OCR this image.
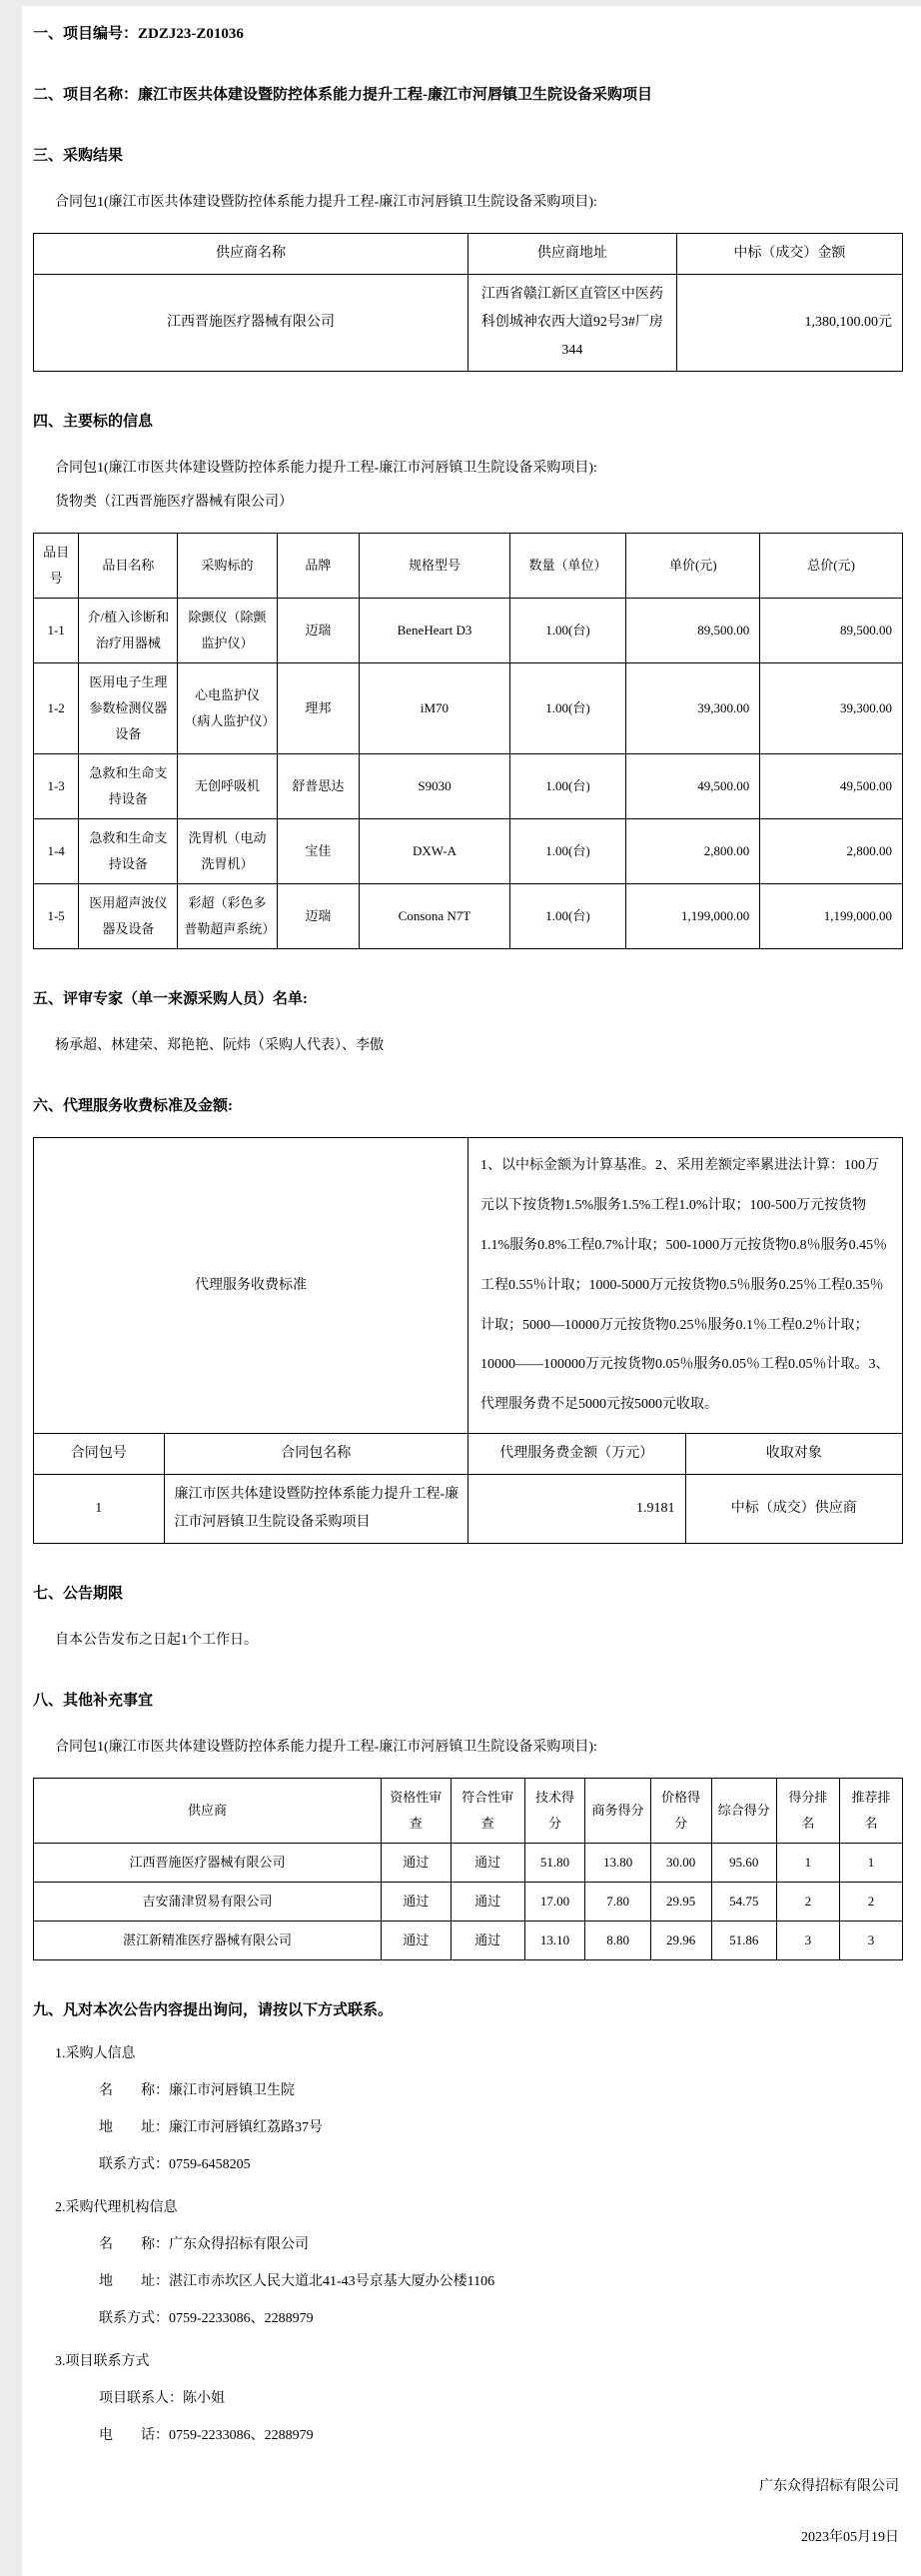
一、项目编号：ZDZJ23-Z01036
二、项目名称：廉江市医共体建设暨防控体系能力提升工程-廉江市河唇镇卫生院设备采购项目
三、采购结果
合同包1(廉江市医共体建设暨防控体系能力提升工程-廉江市河唇镇卫生院设备采购项目):
供应商名称	供应商地址	中标（成交）金额
江西晋施医疗器械有限公司	江西省赣江新区直管区中医药科创城神农西大道92号3#厂房344	1,380,100.00元
四、主要标的信息
合同包1(廉江市医共体建设暨防控体系能力提升工程-廉江市河唇镇卫生院设备采购项目):
货物类（江西晋施医疗器械有限公司）
品目号	品目名称	采购标的	品牌	规格型号	数量（单位）	单价(元)	总价(元)
1-1	介/植入诊断和治疗用器械	除颤仪（除颤监护仪）	迈瑞	BeneHeart D3	1.00(台)	89,500.00	89,500.00
1-2	医用电子生理参数检测仪器设备	心电监护仪（病人监护仪）	理邦	iM70	1.00(台)	39,300.00	39,300.00
1-3	急救和生命支持设备	无创呼吸机	舒普思达	S9030	1.00(台)	49,500.00	49,500.00
1-4	急救和生命支持设备	洗胃机（电动洗胃机）	宝佳	DXW-A	1.00(台)	2,800.00	2,800.00
1-5	医用超声波仪器及设备	彩超（彩色多普勒超声系统）	迈瑞	Consona N7T	1.00(台)	1,199,000.00	1,199,000.00
五、评审专家（单一来源采购人员）名单:
杨承超、林建荣、郑艳艳、阮炜（采购人代表）、李傲
六、代理服务收费标准及金额:
代理服务收费标准		1、以中标金额为计算基准。2、采用差额定率累进法计算：100万元以下按货物1.5%服务1.5%工程1.0%计取；100-500万元按货物1.1%服务0.8%工程0.7%计取；500-1000万元按货物0.8％服务0.45％工程0.55％计取；1000-5000万元按货物0.5％服务0.25％工程0.35％计取；5000—10000万元按货物0.25％服务0.1％工程0.2％计取；10000——100000万元按货物0.05％服务0.05％工程0.05％计取。3、代理服务费不足5000元按5000元收取。	
合同包号	合同包名称	代理服务费金额（万元）	收取对象
1	廉江市医共体建设暨防控体系能力提升工程-廉江市河唇镇卫生院设备采购项目	1.9181	中标（成交）供应商
七、公告期限
自本公告发布之日起1个工作日。
八、其他补充事宜
合同包1(廉江市医共体建设暨防控体系能力提升工程-廉江市河唇镇卫生院设备采购项目):
供应商	资格性审查	符合性审查	技术得分	商务得分	价格得分	综合得分	得分排名	推荐排名
江西晋施医疗器械有限公司	通过	通过	51.80	13.80	30.00	95.60	1	1
吉安蒲津贸易有限公司	通过	通过	17.00	7.80	29.95	54.75	2	2
湛江新精准医疗器械有限公司	通过	通过	13.10	8.80	29.96	51.86	3	3
九、凡对本次公告内容提出询问，请按以下方式联系。
1.采购人信息
名　　称：廉江市河唇镇卫生院
地　　址：廉江市河唇镇红荔路37号
联系方式：0759-6458205
2.采购代理机构信息
名　　称：广东众得招标有限公司
地　　址：湛江市赤坎区人民大道北41-43号京基大厦办公楼1106
联系方式：0759-2233086、2288979
3.项目联系方式
项目联系人：陈小姐
电　　话：0759-2233086、2288979
广东众得招标有限公司
2023年05月19日
